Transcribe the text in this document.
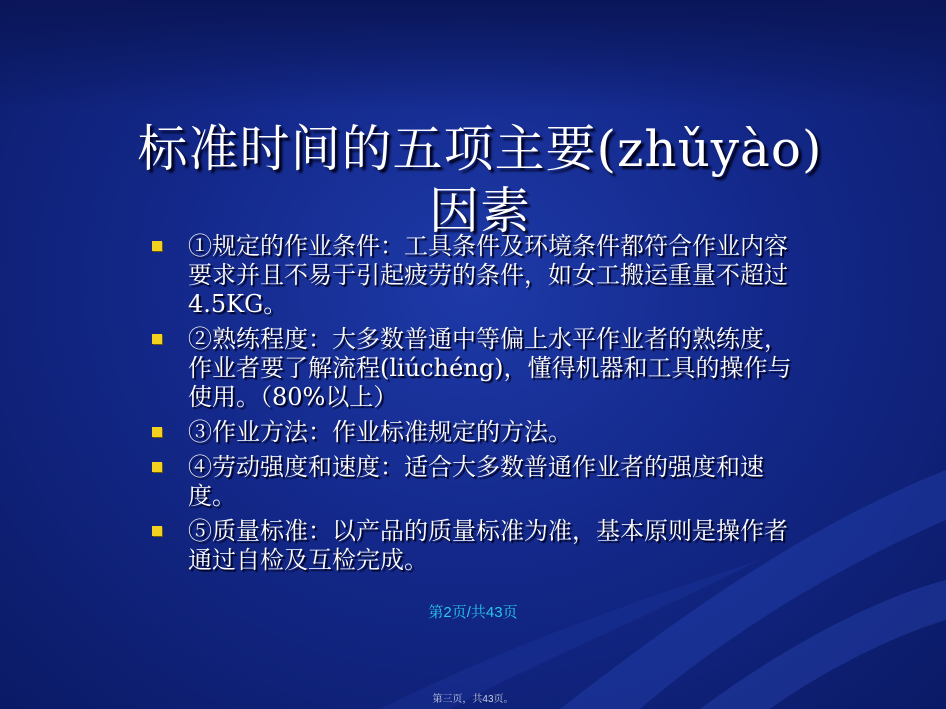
标准时间的五项主要(zhǔyào)因素
①规定的作业条件：工具条件及环境条件都符合作业内容要求并且不易于引起疲劳的条件，如女工搬运重量不超过4.5KG。
②熟练程度：大多数普通中等偏上水平作业者的熟练度，作业者要了解流程(liúchéng)，懂得机器和工具的操作与使用。（80%以上）
③作业方法：作业标准规定的方法。
④劳动强度和速度：适合大多数普通作业者的强度和速度。
⑤质量标准：以产品的质量标准为准，基本原则是操作者通过自检及互检完成。
第2页/共43页
第三页，共43页。
